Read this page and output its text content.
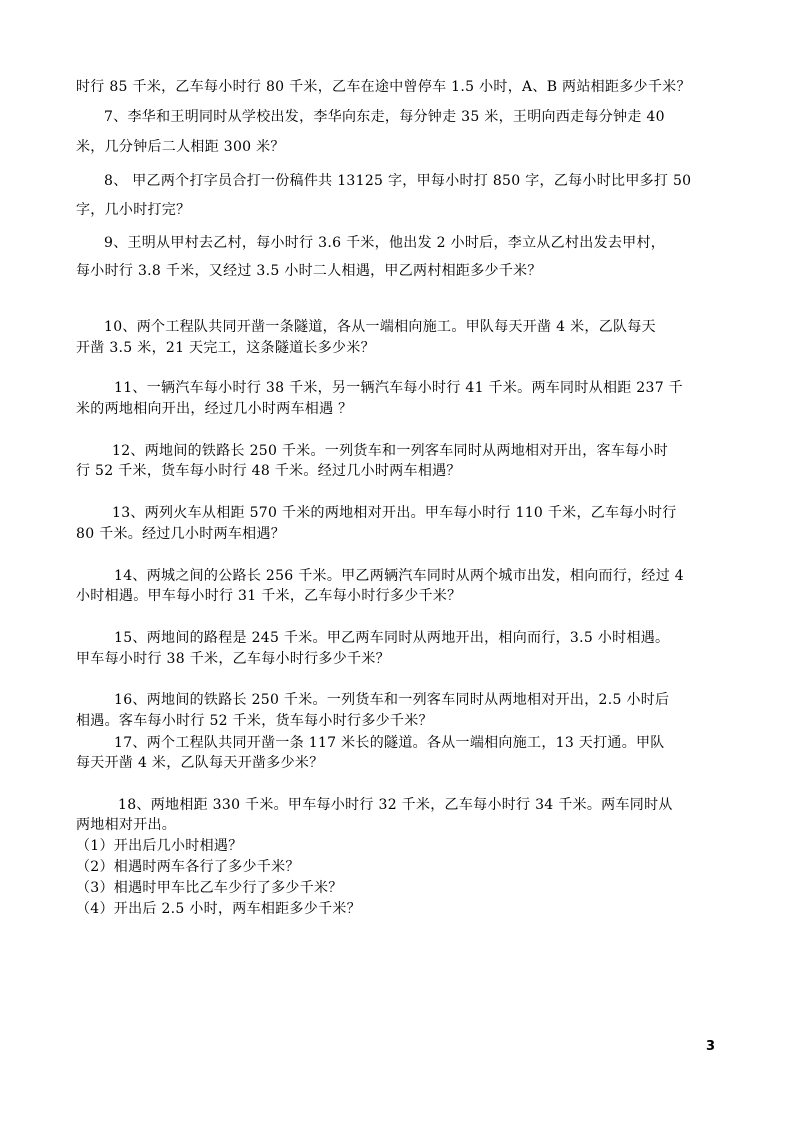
时行 85 千米，乙车每小时行 80 千米，乙车在途中曾停车 1.5 小时，A、B 两站相距多少千米？
7、李华和王明同时从学校出发，李华向东走，每分钟走 35 米，王明向西走每分钟走 40
米，几分钟后二人相距 300 米？
8、 甲乙两个打字员合打一份稿件共 13125 字，甲每小时打 850 字，乙每小时比甲多打 50
字，几小时打完？
9、王明从甲村去乙村，每小时行 3.6 千米，他出发 2 小时后，李立从乙村出发去甲村，
每小时行 3.8 千米，又经过 3.5 小时二人相遇，甲乙两村相距多少千米？
10、两个工程队共同开凿一条隧道，各从一端相向施工。甲队每天开凿 4 米，乙队每天
开凿 3.5 米，21 天完工，这条隧道长多少米？
11、一辆汽车每小时行 38 千米，另一辆汽车每小时行 41 千米。两车同时从相距 237 千
米的两地相向开出，经过几小时两车相遇 ？
12、两地间的铁路长 250 千米。一列货车和一列客车同时从两地相对开出，客车每小时
行 52 千米，货车每小时行 48 千米。经过几小时两车相遇？
13、两列火车从相距 570 千米的两地相对开出。甲车每小时行 110 千米，乙车每小时行
80 千米。经过几小时两车相遇？
14、两城之间的公路长 256 千米。甲乙两辆汽车同时从两个城市出发，相向而行，经过 4
小时相遇。甲车每小时行 31 千米，乙车每小时行多少千米？
15、两地间的路程是 245 千米。甲乙两车同时从两地开出，相向而行，3.5 小时相遇。
甲车每小时行 38 千米，乙车每小时行多少千米？
16、两地间的铁路长 250 千米。一列货车和一列客车同时从两地相对开出，2.5 小时后
相遇。客车每小时行 52 千米，货车每小时行多少千米？
17、两个工程队共同开凿一条 117 米长的隧道。各从一端相向施工，13 天打通。甲队
每天开凿 4 米，乙队每天开凿多少米？
18、两地相距 330 千米。甲车每小时行 32 千米，乙车每小时行 34 千米。两车同时从
两地相对开出。
（1）开出后几小时相遇？
（2）相遇时两车各行了多少千米？
（3）相遇时甲车比乙车少行了多少千米？
（4）开出后 2.5 小时，两车相距多少千米？
3
